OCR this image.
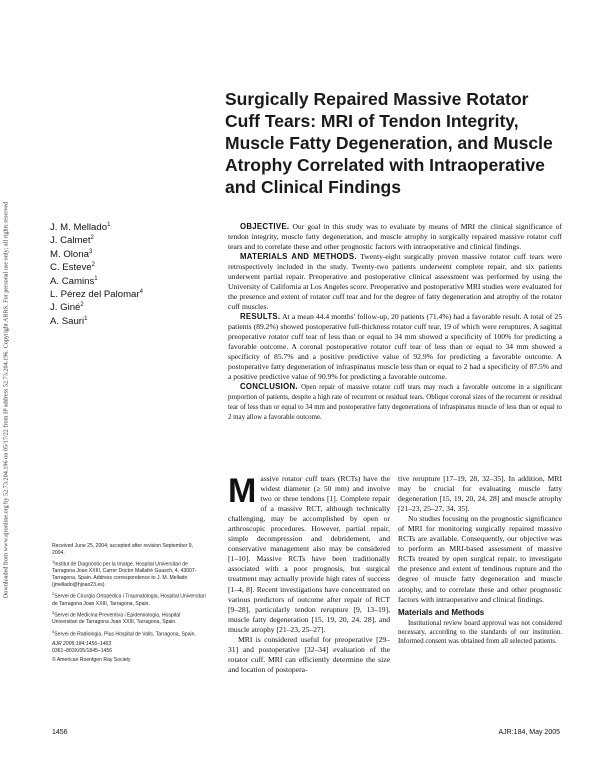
Downloaded from www.ajronline.org by 52.73.204.196 on 05/17/22 from IP address 52.73.204.196. Copyright ARRS. For personal use only; all rights reserved
Surgically Repaired Massive Rotator Cuff Tears: MRI of Tendon Integrity, Muscle Fatty Degeneration, and Muscle Atrophy Correlated with Intraoperative and Clinical Findings
J. M. Mellado$^1$
J. Calmet$^2$
M. Olona$^3$
C. Esteve$^2$
A. Camins$^1$
L. Pérez del Palomar$^4$
J. Giné$^2$
A. Sauri$^1$

OBJECTIVE. Our goal in this study was to evaluate by means of MRI the clinical significance of tendon integrity, muscle fatty degeneration, and muscle atrophy in surgically repaired massive rotator cuff tears and to correlate these and other prognostic factors with intraoperative and clinical findings.

MATERIALS AND METHODS. Twenty-eight surgically proven massive rotator cuff tears were retrospectively included in the study. Twenty-two patients underwent complete repair, and six patients underwent partial repair. Preoperative and postoperative clinical assessment was performed by using the University of California at Los Angeles score. Preoperative and postoperative MRI studies were evaluated for the presence and extent of rotator cuff tear and for the degree of fatty degeneration and atrophy of the rotator cuff muscles.

RESULTS. At a mean 44.4 months' follow-up, 20 patients (71.4%) had a favorable result. A total of 25 patients (89.2%) showed postoperative full-thickness rotator cuff tear, 19 of which were reruptures. A sagittal preoperative rotator cuff tear of less than or equal to 34 mm showed a specificity of 100% for predicting a favorable outcome. A coronal postoperative rotator cuff tear of less than or equal to 34 mm showed a specificity of 85.7% and a positive predictive value of 92.9% for predicting a favorable outcome. A postoperative fatty degeneration of infraspinatus muscle less than or equal to 2 had a specificity of 87.5% and a positive predictive value of 90.9% for predicting a favorable outcome.

CONCLUSION. Open repair of massive rotator cuff tears may reach a favorable outcome in a significant proportion of patients, despite a high rate of recurrent or residual tears. Oblique coronal sizes of the recurrent or residual tear of less than or equal to 34 mm and postoperative fatty degenerations of infraspinatus muscle of less than or equal to 2 may allow a favorable outcome.

Received June 25, 2004; accepted after revision September 9, 2004.

$^1$Institut de Diagnòstic per la Imatge, Hospital Universitari de Tarragona Joan XXIII, Carrer Doctor Mallafrè Guasch, 4, 43007-Tarragona, Spain. Address correspondence to J. M. Mellado (jmellado@hjoan23.es).

$^2$Servei de Cirurgia Ortopèdica i Traumatologia, Hospital Universitari de Tarragona Joan XXIII, Tarragona, Spain.

$^3$Servei de Medicina Preventiva i Epidemiologia, Hospital Universitari de Tarragona Joan XXIII, Tarragona, Spain.

$^4$Servei de Radiologia, Pius Hospital de Valls, Tarragona, Spain.

AJR 2005;184:1456–1463

0361–803X/05/1845–1456

© American Roentgen Ray Society

Massive rotator cuff tears (RCTs) have the widest diameter (≥ 50 mm) and involve two or three tendons [1]. Complete repair of a massive RCT, although technically challenging, may be accomplished by open or arthroscopic procedures. However, partial repair, simple decompression and debridement, and conservative management also may be considered [1–10]. Massive RCTs have been traditionally associated with a poor prognosis, but surgical treatment may actually provide high rates of success [1–4, 8]. Recent investigations have concentrated on various predictors of outcome after repair of RCT [9–28], particularly tendon rerupture [9, 13–19], muscle fatty degeneration [15, 19, 20, 24, 28], and muscle atrophy [21–23, 25–27].

MRI is considered useful for preoperative [29–31] and postoperative [32–34] evaluation of the rotator cuff. MRI can efficiently determine the size and location of postopera-

tive rerupture [17–19, 28, 32–35]. In addition, MRI may be crucial for evaluating muscle fatty degeneration [15, 19, 20, 24, 28] and muscle atrophy [21–23, 25–27, 34, 35].

No studies focusing on the prognostic significance of MRI for monitoring surgically repaired massive RCTs are available. Consequently, our objective was to perform an MRI-based assessment of massive RCTs treated by open surgical repair, to investigate the presence and extent of tendinous rupture and the degree of muscle fatty degeneration and muscle atrophy, and to correlate these and other prognostic factors with intraoperative and clinical findings.

Materials and Methods

Institutional review board approval was not considered necessary, according to the standards of our institution. Informed consent was obtained from all selected patients.

1456	AJR:184, May 2005
